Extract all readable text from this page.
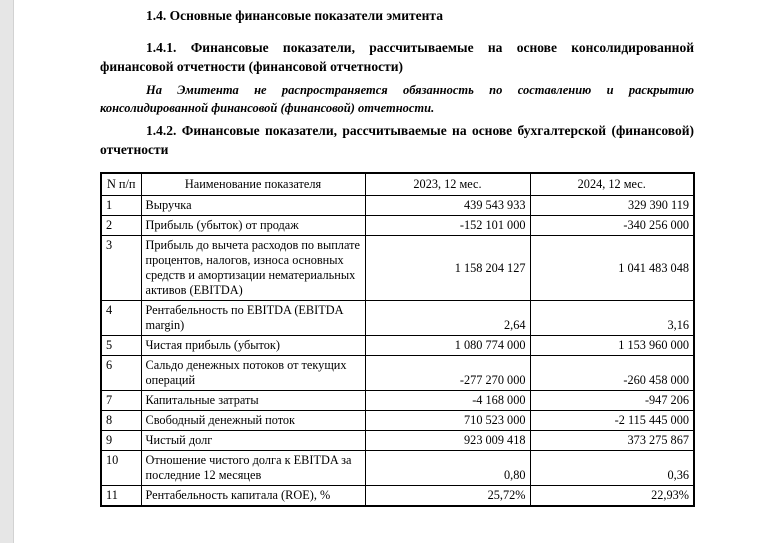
1.4. Основные финансовые показатели эмитента
1.4.1. Финансовые показатели, рассчитываемые на основе консолидированной финансовой отчетности (финансовой отчетности)
На Эмитента не распространяется обязанность по составлению и раскрытию консолидированной финансовой (финансовой) отчетности.
1.4.2. Финансовые показатели, рассчитываемые на основе бухгалтерской (финансовой) отчетности
N п/п	Наименование показателя	2023, 12 мес.	2024, 12 мес.
1	Выручка	439 543 933	329 390 119
2	Прибыль (убыток) от продаж	-152 101 000	-340 256 000
3	Прибыль до вычета расходов по выплате процентов, налогов, износа основных средств и амортизации нематериальных активов (EBITDA)	1 158 204 127	1 041 483 048
4	Рентабельность по EBITDA (EBITDA margin)	2,64	3,16
5	Чистая прибыль (убыток)	1 080 774 000	1 153 960 000
6	Сальдо денежных потоков от текущих операций	-277 270 000	-260 458 000
7	Капитальные затраты	-4 168 000	-947 206
8	Свободный денежный поток	710 523 000	-2 115 445 000
9	Чистый долг	923 009 418	373 275 867
10	Отношение чистого долга к EBITDA за последние 12 месяцев	0,80	0,36
11	Рентабельность капитала (ROE), %	25,72%	22,93%
